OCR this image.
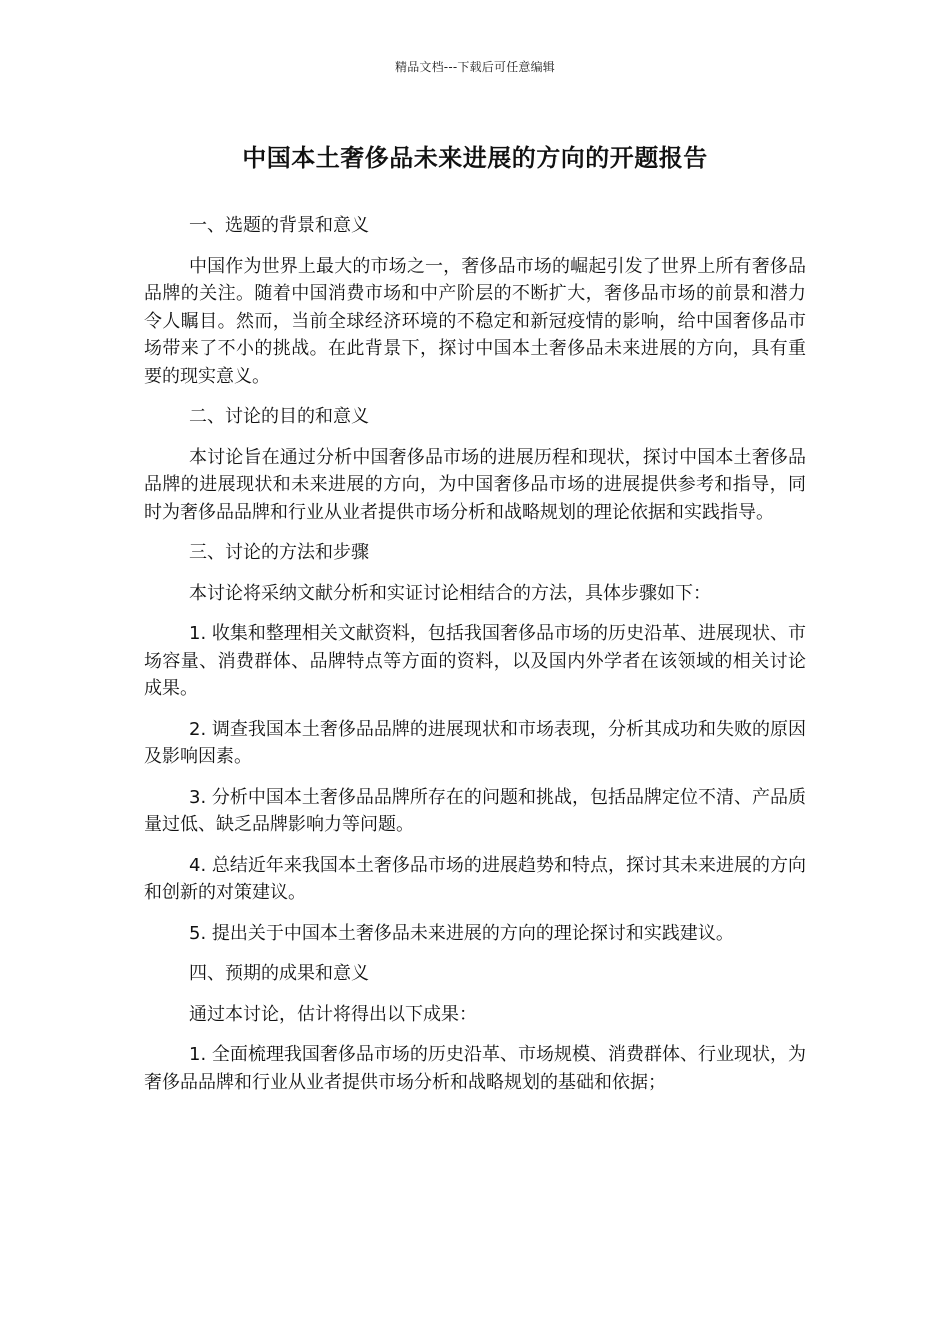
精品文档---下载后可任意编辑
中国本土奢侈品未来进展的方向的开题报告

一、选题的背景和意义

中国作为世界上最大的市场之一，奢侈品市场的崛起引发了世界上所有奢侈品品牌的关注。随着中国消费市场和中产阶层的不断扩大，奢侈品市场的前景和潜力令人瞩目。然而，当前全球经济环境的不稳定和新冠疫情的影响，给中国奢侈品市场带来了不小的挑战。在此背景下，探讨中国本土奢侈品未来进展的方向，具有重要的现实意义。

二、讨论的目的和意义

本讨论旨在通过分析中国奢侈品市场的进展历程和现状，探讨中国本土奢侈品品牌的进展现状和未来进展的方向，为中国奢侈品市场的进展提供参考和指导，同时为奢侈品品牌和行业从业者提供市场分析和战略规划的理论依据和实践指导。

三、讨论的方法和步骤

本讨论将采纳文献分析和实证讨论相结合的方法，具体步骤如下：

1. 收集和整理相关文献资料，包括我国奢侈品市场的历史沿革、进展现状、市场容量、消费群体、品牌特点等方面的资料，以及国内外学者在该领域的相关讨论成果。

2. 调查我国本土奢侈品品牌的进展现状和市场表现，分析其成功和失败的原因及影响因素。

3. 分析中国本土奢侈品品牌所存在的问题和挑战，包括品牌定位不清、产品质量过低、缺乏品牌影响力等问题。

4. 总结近年来我国本土奢侈品市场的进展趋势和特点，探讨其未来进展的方向和创新的对策建议。

5. 提出关于中国本土奢侈品未来进展的方向的理论探讨和实践建议。

四、预期的成果和意义

通过本讨论，估计将得出以下成果：

1. 全面梳理我国奢侈品市场的历史沿革、市场规模、消费群体、行业现状，为奢侈品品牌和行业从业者提供市场分析和战略规划的基础和依据；
